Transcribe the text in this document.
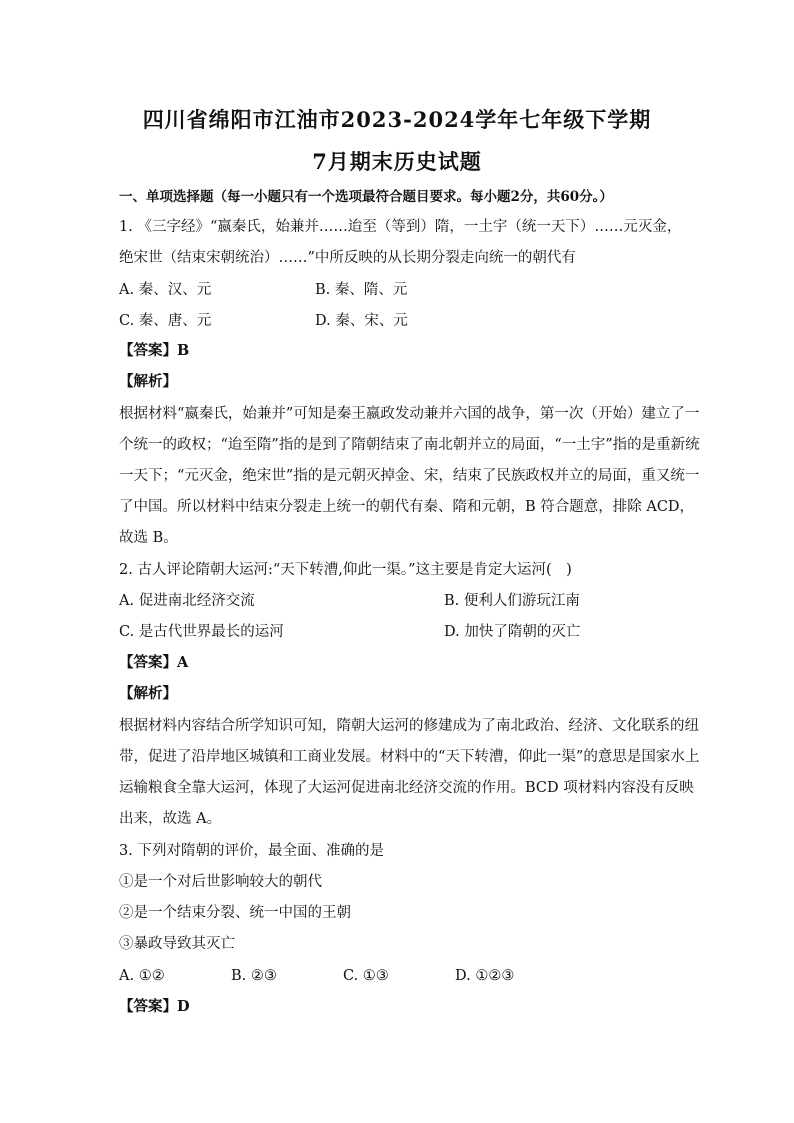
四川省绵阳市江油市2023-2024学年七年级下学期
7月期末历史试题
一、单项选择题（每一小题只有一个选项最符合题目要求。每小题2分，共60分。）
1. 《三字经》“嬴秦氏，始兼并……迨至（等到）隋，一土宇（统一天下）……元灭金，
绝宋世（结束宋朝统治）……”中所反映的从长期分裂走向统一的朝代有
A. 秦、汉、元	B. 秦、隋、元
C. 秦、唐、元	D. 秦、宋、元
【答案】B
【解析】
根据材料“嬴秦氏，始兼并”可知是秦王嬴政发动兼并六国的战争，第一次（开始）建立了一
个统一的政权；“迨至隋”指的是到了隋朝结束了南北朝并立的局面，“一土宇”指的是重新统
一天下；“元灭金，绝宋世”指的是元朝灭掉金、宋，结束了民族政权并立的局面，重又统一
了中国。所以材料中结束分裂走上统一的朝代有秦、隋和元朝，B 符合题意，排除 ACD，
故选 B。
2. 古人评论隋朝大运河:“天下转漕,仰此一渠。”这主要是肯定大运河(　)
A. 促进南北经济交流	B. 便利人们游玩江南
C. 是古代世界最长的运河	D. 加快了隋朝的灭亡
【答案】A
【解析】
根据材料内容结合所学知识可知，隋朝大运河的修建成为了南北政治、经济、文化联系的纽
带，促进了沿岸地区城镇和工商业发展。材料中的“天下转漕，仰此一渠”的意思是国家水上
运输粮食全靠大运河，体现了大运河促进南北经济交流的作用。BCD 项材料内容没有反映
出来，故选 A。
3. 下列对隋朝的评价，最全面、准确的是
①是一个对后世影响较大的朝代
②是一个结束分裂、统一中国的王朝
③暴政导致其灭亡
A. ①②	B. ②③	C. ①③	D. ①②③
【答案】D
